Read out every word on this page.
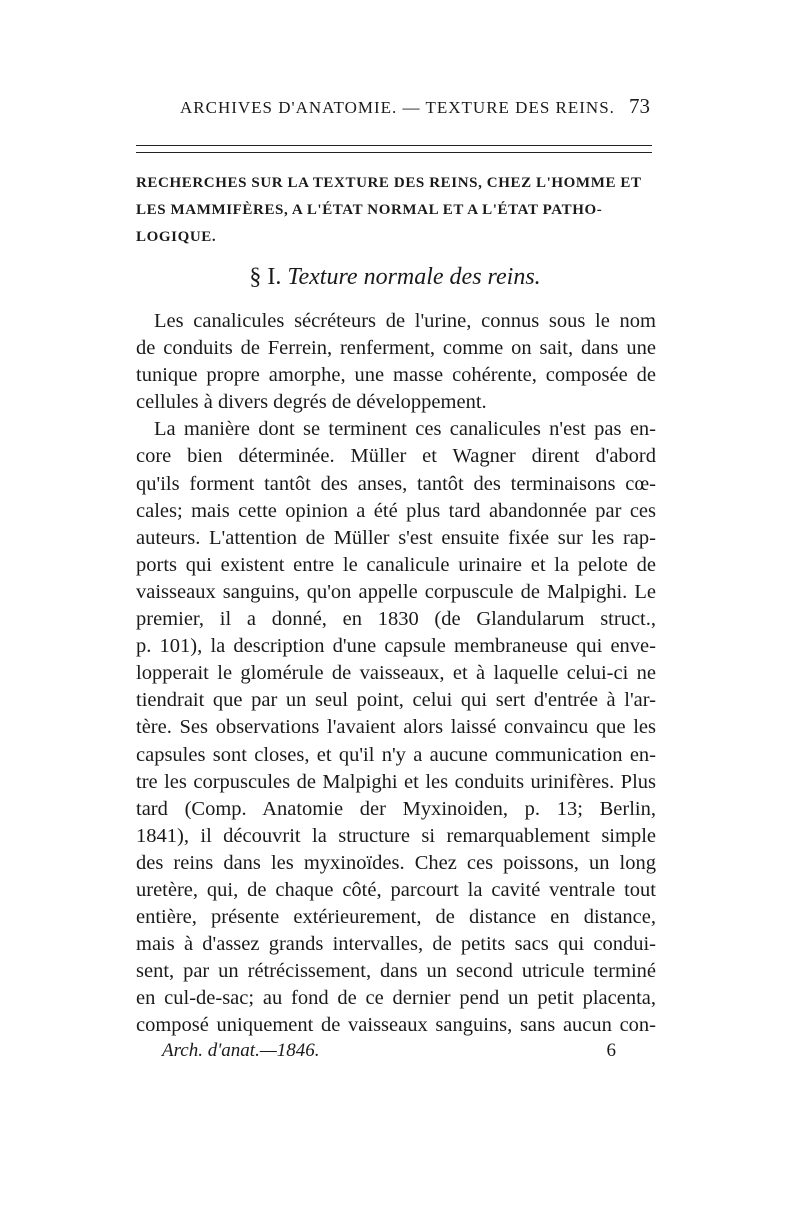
ARCHIVES D'ANATOMIE. — TEXTURE DES REINS. 73
RECHERCHES SUR LA TEXTURE DES REINS, CHEZ L'HOMME ET
LES MAMMIFÈRES, A L'ÉTAT NORMAL ET A L'ÉTAT PATHO-
LOGIQUE.
§ I. Texture normale des reins.
Les canalicules sécréteurs de l'urine, connus sous le nom
de conduits de Ferrein, renferment, comme on sait, dans une
tunique propre amorphe, une masse cohérente, composée de
cellules à divers degrés de développement.
La manière dont se terminent ces canalicules n'est pas en-
core bien déterminée. Müller et Wagner dirent d'abord
qu'ils forment tantôt des anses, tantôt des terminaisons cœ-
cales; mais cette opinion a été plus tard abandonnée par ces
auteurs. L'attention de Müller s'est ensuite fixée sur les rap-
ports qui existent entre le canalicule urinaire et la pelote de
vaisseaux sanguins, qu'on appelle corpuscule de Malpighi. Le
premier, il a donné, en 1830 (de Glandularum struct.,
p. 101), la description d'une capsule membraneuse qui enve-
lopperait le glomérule de vaisseaux, et à laquelle celui-ci ne
tiendrait que par un seul point, celui qui sert d'entrée à l'ar-
tère. Ses observations l'avaient alors laissé convaincu que les
capsules sont closes, et qu'il n'y a aucune communication en-
tre les corpuscules de Malpighi et les conduits urinifères. Plus
tard (Comp. Anatomie der Myxinoiden, p. 13; Berlin,
1841), il découvrit la structure si remarquablement simple
des reins dans les myxinoïdes. Chez ces poissons, un long
uretère, qui, de chaque côté, parcourt la cavité ventrale tout
entière, présente extérieurement, de distance en distance,
mais à d'assez grands intervalles, de petits sacs qui condui-
sent, par un rétrécissement, dans un second utricule terminé
en cul-de-sac; au fond de ce dernier pend un petit placenta,
composé uniquement de vaisseaux sanguins, sans aucun con-
Arch. d'anat.—1846.	6
